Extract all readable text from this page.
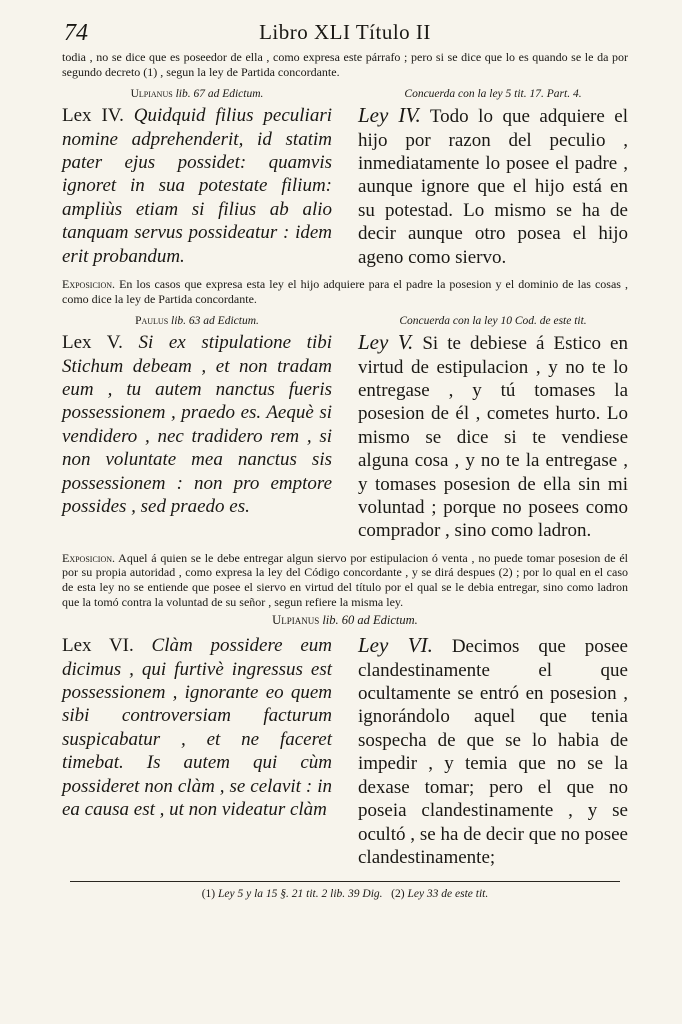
74	Libro XLI Título II

todia , no se dice que es poseedor de ella , como expresa este párrafo ; pero si se dice que lo es quando se le da por segundo decreto (1) , segun la ley de Partida concordante.

Ulpianus lib. 67 ad Edictum.	Concuerda con la ley 5 tit. 17. Part. 4.
Lex IV. Quidquid filius peculiari nomine adprehenderit, id statim pater ejus possidet: quamvis ignoret in sua potestate filium: ampliùs etiam si filius ab alio tanquam servus possideatur : idem erit probandum.
Ley IV. Todo lo que adquiere el hijo por razon del peculio , inmediatamente lo posee el padre , aunque ignore que el hijo está en su potestad. Lo mismo se ha de decir aunque otro posea el hijo ageno como siervo.

Exposicion. En los casos que expresa esta ley el hijo adquiere para el padre la posesion y el dominio de las cosas , como dice la ley de Partida concordante.

Paulus lib. 63 ad Edictum.	Concuerda con la ley 10 Cod. de este tit.
Lex V. Si ex stipulatione tibi Stichum debeam , et non tradam eum , tu autem nanctus fueris possessionem , praedo es. Aequè si vendidero , nec tradidero rem , si non voluntate mea nanctus sis possessionem : non pro emptore possides , sed praedo es.
Ley V. Si te debiese á Estico en virtud de estipulacion , y no te lo entregase , y tú tomases la posesion de él , cometes hurto. Lo mismo se dice si te vendiese alguna cosa , y no te la entregase , y tomases posesion de ella sin mi voluntad ; porque no posees como comprador , sino como ladron.

Exposicion. Aquel á quien se le debe entregar algun siervo por estipulacion ó venta , no puede tomar posesion de él por su propia autoridad , como expresa la ley del Código concordante , y se dirá despues (2) ; por lo qual en el caso de esta ley no se entiende que posee el siervo en virtud del título por el qual se le debia entregar, sino como ladron que la tomó contra la voluntad de su señor , segun refiere la misma ley.

Ulpianus lib. 60 ad Edictum.
Lex VI. Clàm possidere eum dicimus , qui furtivè ingressus est possessionem , ignorante eo quem sibi controversiam facturum suspicabatur , et ne faceret timebat. Is autem qui cùm possideret non clàm , se celavit : in ea causa est , ut non videatur clàm
Ley VI. Decimos que posee clandestinamente el que ocultamente se entró en posesion , ignorándolo aquel que tenia sospecha de que se lo habia de impedir , y temia que no se la dexase tomar; pero el que no poseia clandestinamente , y se ocultó , se ha de decir que no posee clandestinamente;
(1) Ley 5 y la 15 §. 21 tit. 2 lib. 39 Dig. (2) Ley 33 de este tit.
